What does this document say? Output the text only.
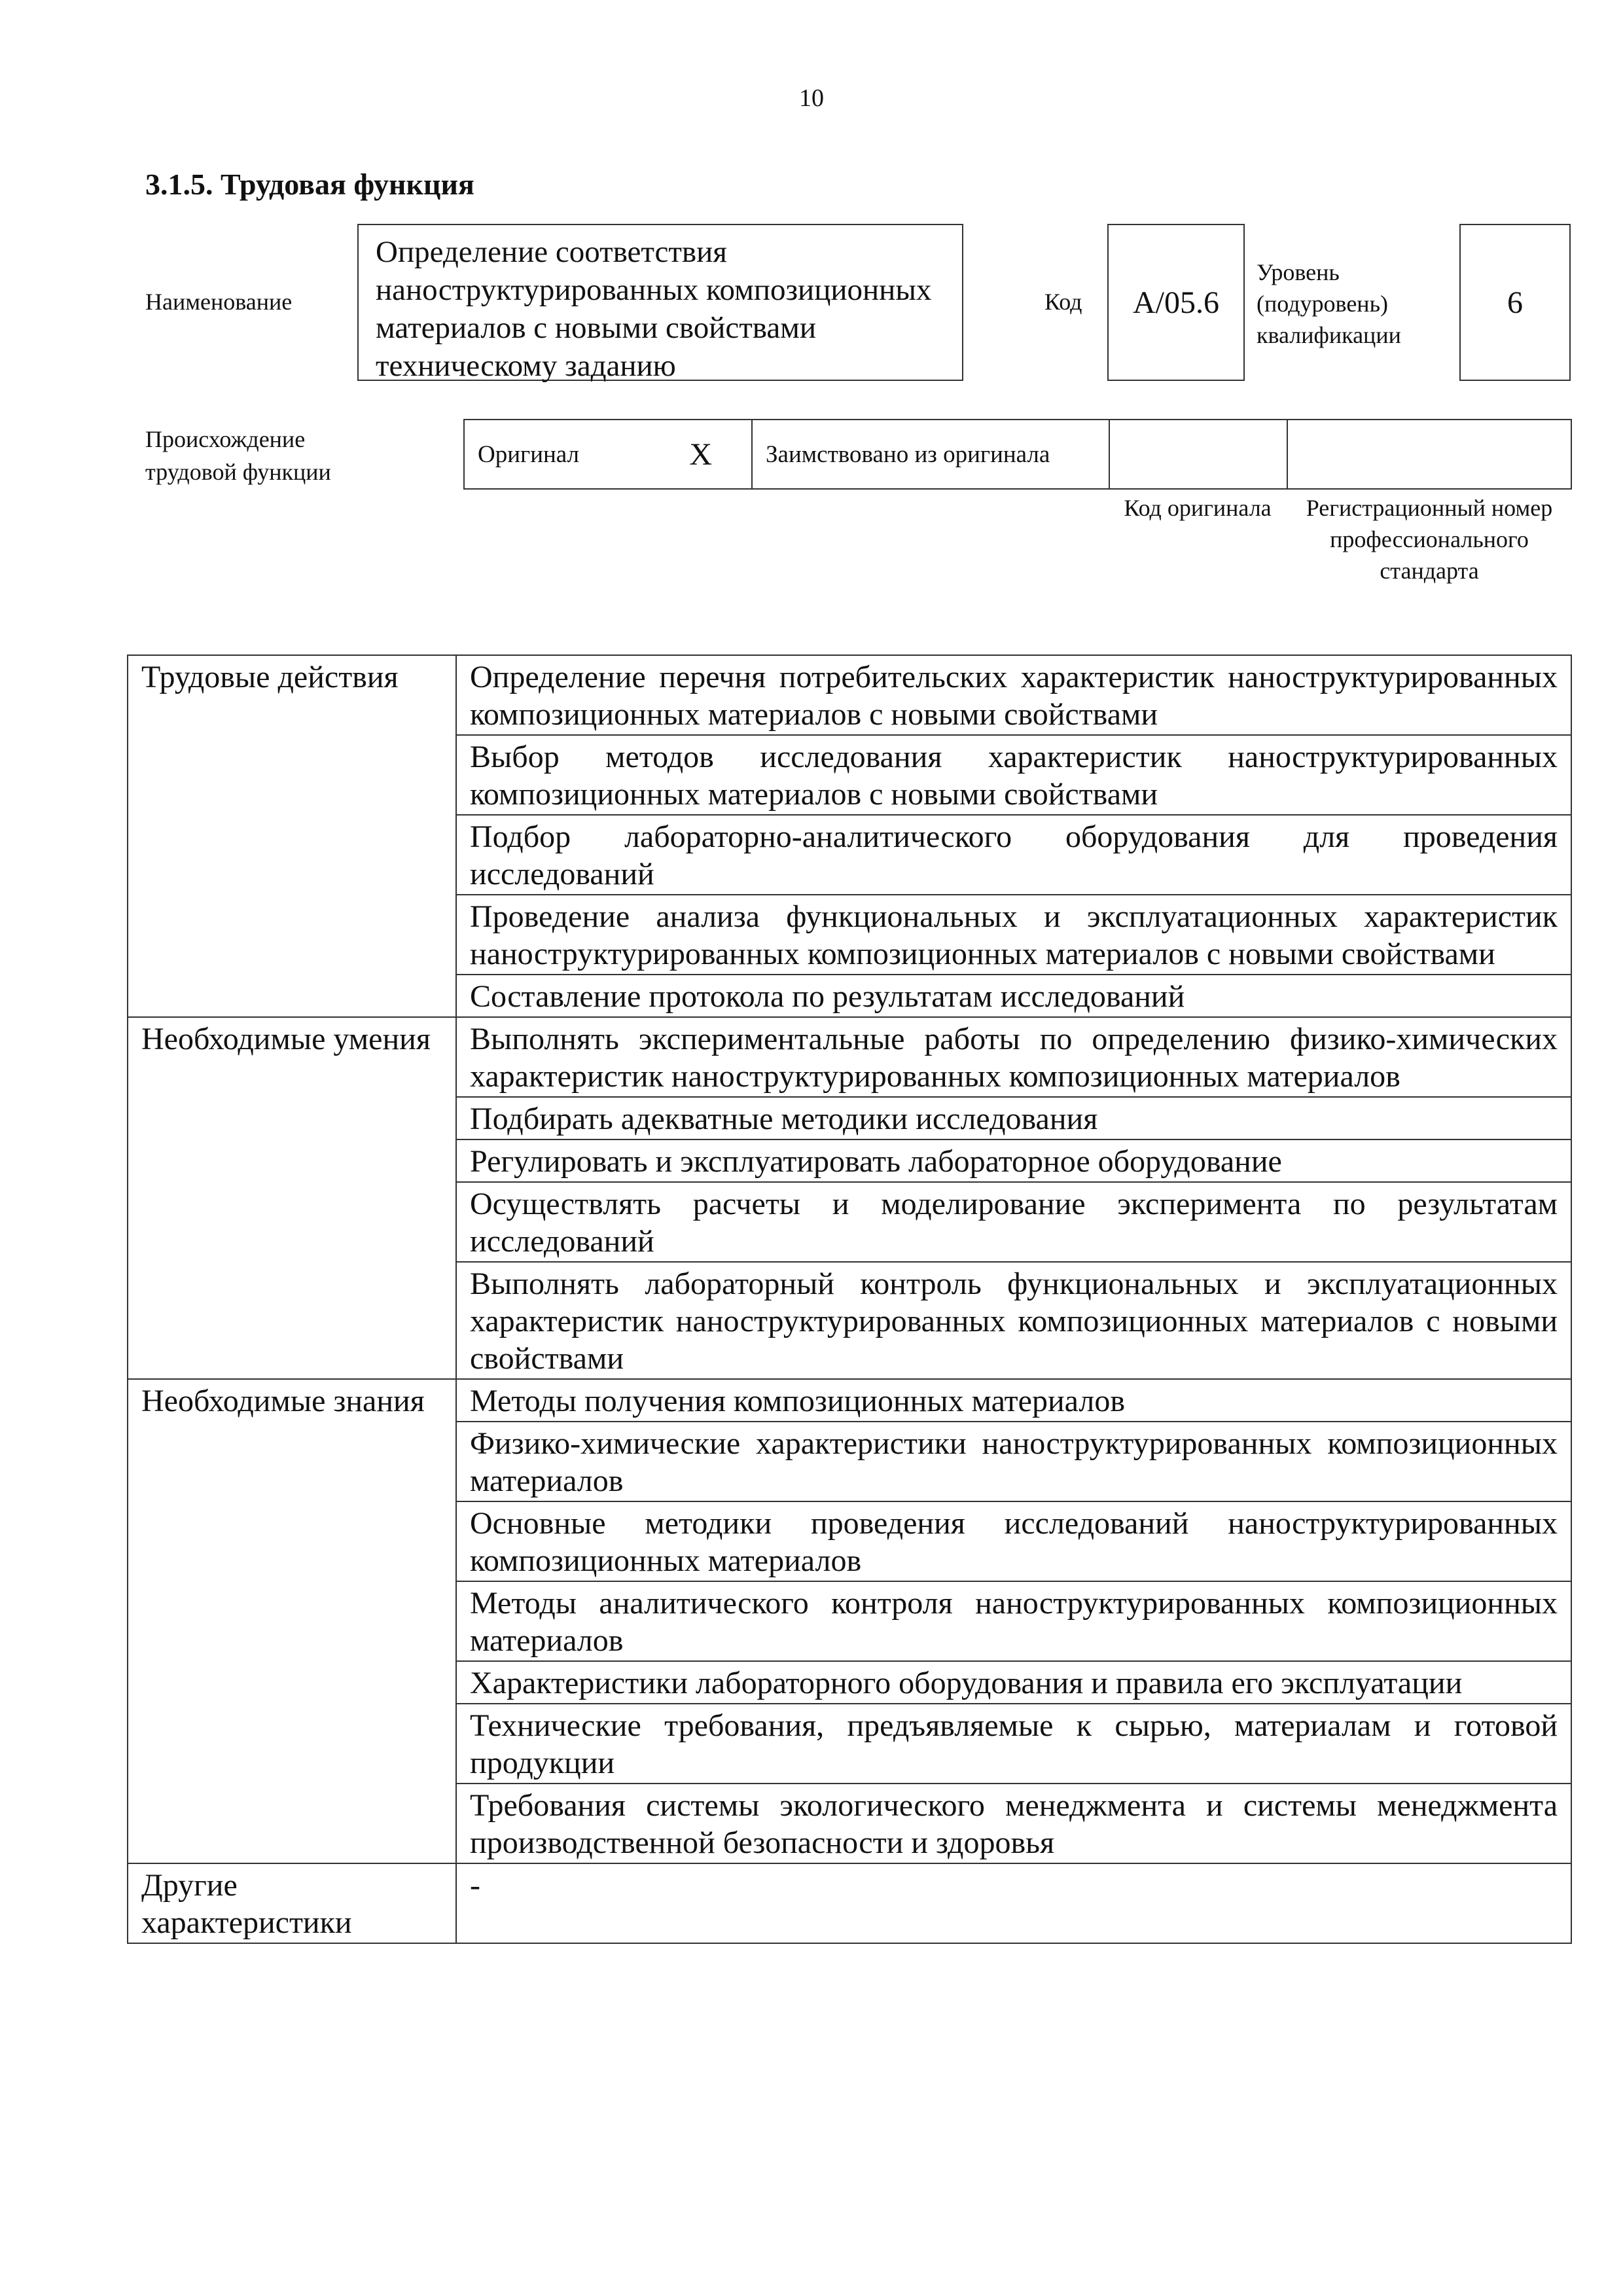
10
3.1.5. Трудовая функция
Наименование
Определение соответствия наноструктурированных композиционных материалов с новыми свойствами техническому заданию
Код	A/05.6
Уровень (подуровень) квалификации
6
Происхождение трудовой функции
Оригинал	X	Заимствовано из оригинала
Код оригинала	Регистрационный номер профессионального стандарта
Трудовые действия	Определение перечня потребительских характеристик наноструктурированных композиционных материалов с новыми свойствами
	Выбор методов исследования характеристик наноструктурированных композиционных материалов с новыми свойствами
	Подбор лабораторно-аналитического оборудования для проведения исследований
	Проведение анализа функциональных и эксплуатационных характеристик наноструктурированных композиционных материалов с новыми свойствами
	Составление протокола по результатам исследований
Необходимые умения	Выполнять экспериментальные работы по определению физико-химических характеристик наноструктурированных композиционных материалов
	Подбирать адекватные методики исследования
	Регулировать и эксплуатировать лабораторное оборудование
	Осуществлять расчеты и моделирование эксперимента по результатам исследований
	Выполнять лабораторный контроль функциональных и эксплуатационных характеристик наноструктурированных композиционных материалов с новыми свойствами
Необходимые знания	Методы получения композиционных материалов
	Физико-химические характеристики наноструктурированных композиционных материалов
	Основные методики проведения исследований наноструктурированных композиционных материалов
	Методы аналитического контроля наноструктурированных композиционных материалов
	Характеристики лабораторного оборудования и правила его эксплуатации
	Технические требования, предъявляемые к сырью, материалам и готовой продукции
	Требования системы экологического менеджмента и системы менеджмента производственной безопасности и здоровья
Другие характеристики	-
